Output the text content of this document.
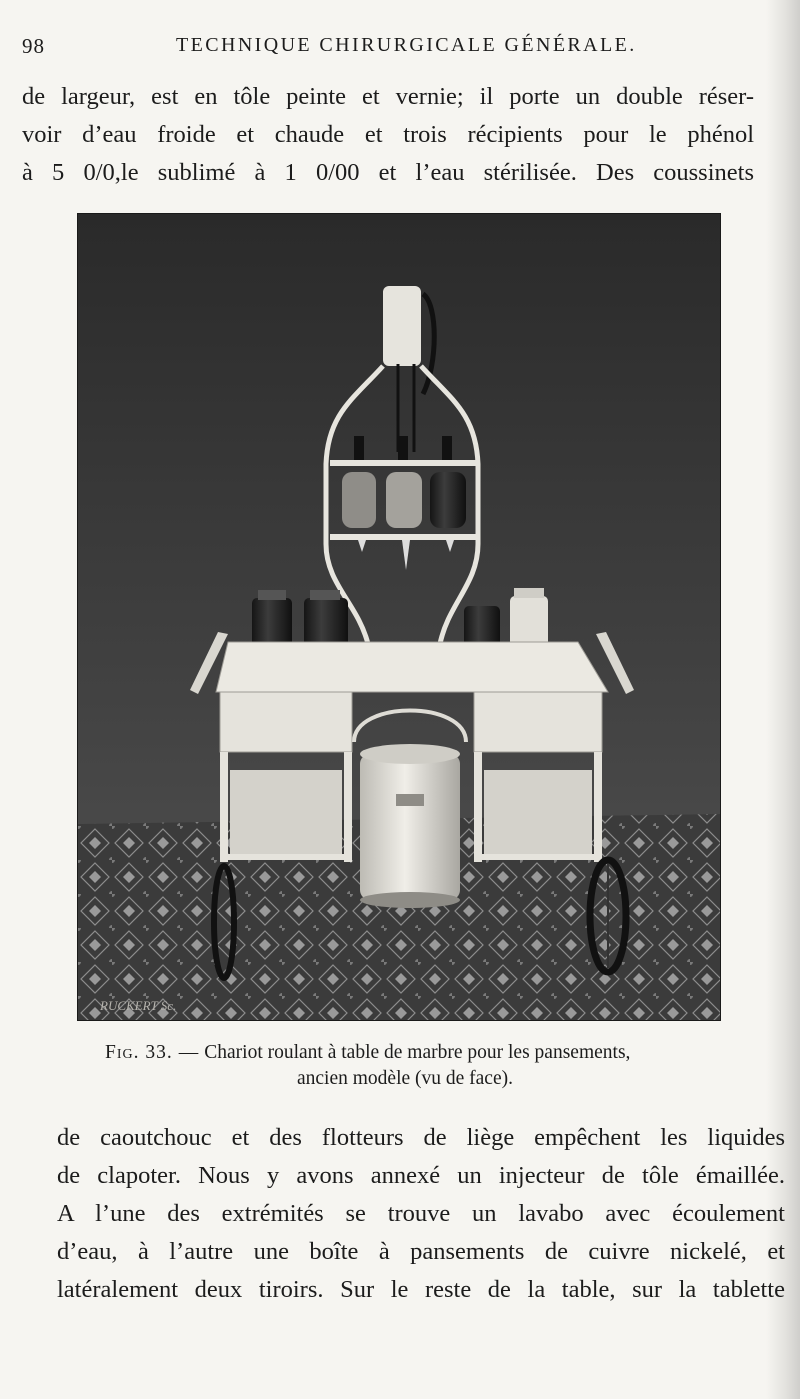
98	TECHNIQUE CHIRURGICALE GÉNÉRALE.
de largeur, est en tôle peinte et vernie; il porte un double réser-
voir d’eau froide et chaude et trois récipients pour le phénol
à 5 0/0,le sublimé à 1 0/00 et l’eau stérilisée. Des coussinets
RUCKERT Sc.
Fig. 33. — Chariot roulant à table de marbre pour les pansements,
ancien modèle (vu de face).
de caoutchouc et des flotteurs de liège empêchent les liquides
de clapoter. Nous y avons annexé un injecteur de tôle émaillée.
A l’une des extrémités se trouve un lavabo avec écoulement
d’eau, à l’autre une boîte à pansements de cuivre nickelé, et
latéralement deux tiroirs. Sur le reste de la table, sur la tablette
